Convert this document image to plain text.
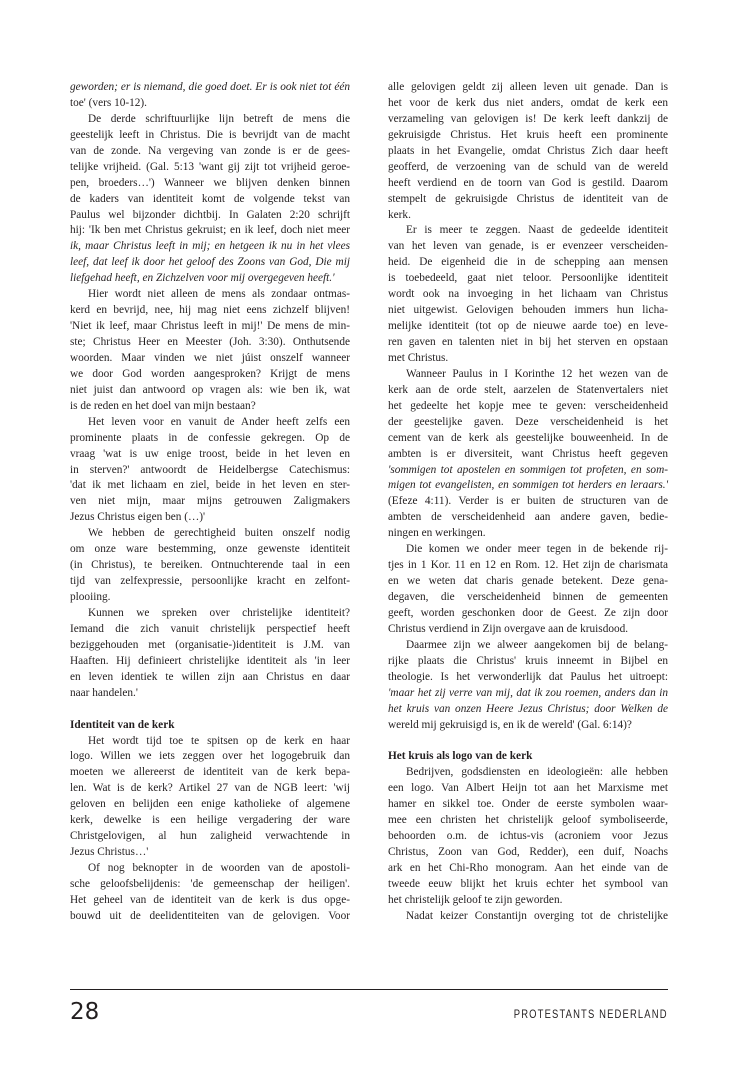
geworden; er is niemand, die goed doet. Er is ook niet tot één
toe' (vers 10-12).
De derde schriftuurlijke lijn betreft de mens die
geestelijk leeft in Christus. Die is bevrijdt van de macht
van de zonde. Na vergeving van zonde is er de gees-
telijke vrijheid. (Gal. 5:13 'want gij zijt tot vrijheid geroe-
pen, broeders…') Wanneer we blijven denken binnen
de kaders van identiteit komt de volgende tekst van
Paulus wel bijzonder dichtbij. In Galaten 2:20 schrijft
hij: 'Ik ben met Christus gekruist; en ik leef, doch niet meer
ik, maar Christus leeft in mij; en hetgeen ik nu in het vlees
leef, dat leef ik door het geloof des Zoons van God, Die mij
liefgehad heeft, en Zichzelven voor mij overgegeven heeft.'
Hier wordt niet alleen de mens als zondaar ontmas-
kerd en bevrijd, nee, hij mag niet eens zichzelf blijven!
'Niet ik leef, maar Christus leeft in mij!' De mens de min-
ste; Christus Heer en Meester (Joh. 3:30). Onthutsende
woorden. Maar vinden we niet júist onszelf wanneer
we door God worden aangesproken? Krijgt de mens
niet juist dan antwoord op vragen als: wie ben ik, wat
is de reden en het doel van mijn bestaan?
Het leven voor en vanuit de Ander heeft zelfs een
prominente plaats in de confessie gekregen. Op de
vraag 'wat is uw enige troost, beide in het leven en
in sterven?' antwoordt de Heidelbergse Catechismus:
'dat ik met lichaam en ziel, beide in het leven en ster-
ven niet mijn, maar mijns getrouwen Zaligmakers
Jezus Christus eigen ben (…)'
We hebben de gerechtigheid buiten onszelf nodig
om onze ware bestemming, onze gewenste identiteit
(in Christus), te bereiken. Ontnuchterende taal in een
tijd van zelfexpressie, persoonlijke kracht en zelfont-
plooiing.
Kunnen we spreken over christelijke identiteit?
Iemand die zich vanuit christelijk perspectief heeft
beziggehouden met (organisatie-)identiteit is J.M. van
Haaften. Hij definieert christelijke identiteit als 'in leer
en leven identiek te willen zijn aan Christus en daar
naar handelen.'
Identiteit van de kerk
Het wordt tijd toe te spitsen op de kerk en haar
logo. Willen we iets zeggen over het logogebruik dan
moeten we allereerst de identiteit van de kerk bepa-
len. Wat is de kerk? Artikel 27 van de NGB leert: 'wij
geloven en belijden een enige katholieke of algemene
kerk, dewelke is een heilige vergadering der ware
Christgelovigen, al hun zaligheid verwachtende in
Jezus Christus…'
Of nog beknopter in de woorden van de apostoli-
sche geloofsbelijdenis: 'de gemeenschap der heiligen'.
Het geheel van de identiteit van de kerk is dus opge-
bouwd uit de deelidentiteiten van de gelovigen. Voor
alle gelovigen geldt zij alleen leven uit genade. Dan is
het voor de kerk dus niet anders, omdat de kerk een
verzameling van gelovigen is! De kerk leeft dankzij de
gekruisigde Christus. Het kruis heeft een prominente
plaats in het Evangelie, omdat Christus Zich daar heeft
geofferd, de verzoening van de schuld van de wereld
heeft verdiend en de toorn van God is gestild. Daarom
stempelt de gekruisigde Christus de identiteit van de
kerk.
Er is meer te zeggen. Naast de gedeelde identiteit
van het leven van genade, is er evenzeer verscheiden-
heid. De eigenheid die in de schepping aan mensen
is toebedeeld, gaat niet teloor. Persoonlijke identiteit
wordt ook na invoeging in het lichaam van Christus
niet uitgewist. Gelovigen behouden immers hun licha-
melijke identiteit (tot op de nieuwe aarde toe) en leve-
ren gaven en talenten niet in bij het sterven en opstaan
met Christus.
Wanneer Paulus in I Korinthe 12 het wezen van de
kerk aan de orde stelt, aarzelen de Statenvertalers niet
het gedeelte het kopje mee te geven: verscheidenheid
der geestelijke gaven. Deze verscheidenheid is het
cement van de kerk als geestelijke bouweenheid. In de
ambten is er diversiteit, want Christus heeft gegeven
'sommigen tot apostelen en sommigen tot profeten, en som-
migen tot evangelisten, en sommigen tot herders en leraars.'
(Efeze 4:11). Verder is er buiten de structuren van de
ambten de verscheidenheid aan andere gaven, bedie-
ningen en werkingen.
Die komen we onder meer tegen in de bekende rij-
tjes in 1 Kor. 11 en 12 en Rom. 12. Het zijn de charismata
en we weten dat charis genade betekent. Deze gena-
degaven, die verscheidenheid binnen de gemeenten
geeft, worden geschonken door de Geest. Ze zijn door
Christus verdiend in Zijn overgave aan de kruisdood.
Daarmee zijn we alweer aangekomen bij de belang-
rijke plaats die Christus' kruis inneemt in Bijbel en
theologie. Is het verwonderlijk dat Paulus het uitroept:
'maar het zij verre van mij, dat ik zou roemen, anders dan in
het kruis van onzen Heere Jezus Christus; door Welken de
wereld mij gekruisigd is, en ik de wereld' (Gal. 6:14)?
Het kruis als logo van de kerk
Bedrijven, godsdiensten en ideologieën: alle hebben
een logo. Van Albert Heijn tot aan het Marxisme met
hamer en sikkel toe. Onder de eerste symbolen waar-
mee een christen het christelijk geloof symboliseerde,
behoorden o.m. de ichtus-vis (acroniem voor Jezus
Christus, Zoon van God, Redder), een duif, Noachs
ark en het Chi-Rho monogram. Aan het einde van de
tweede eeuw blijkt het kruis echter het symbool van
het christelijk geloof te zijn geworden.
Nadat keizer Constantijn overging tot de christelijke
28	PROTESTANTS NEDERLAND
